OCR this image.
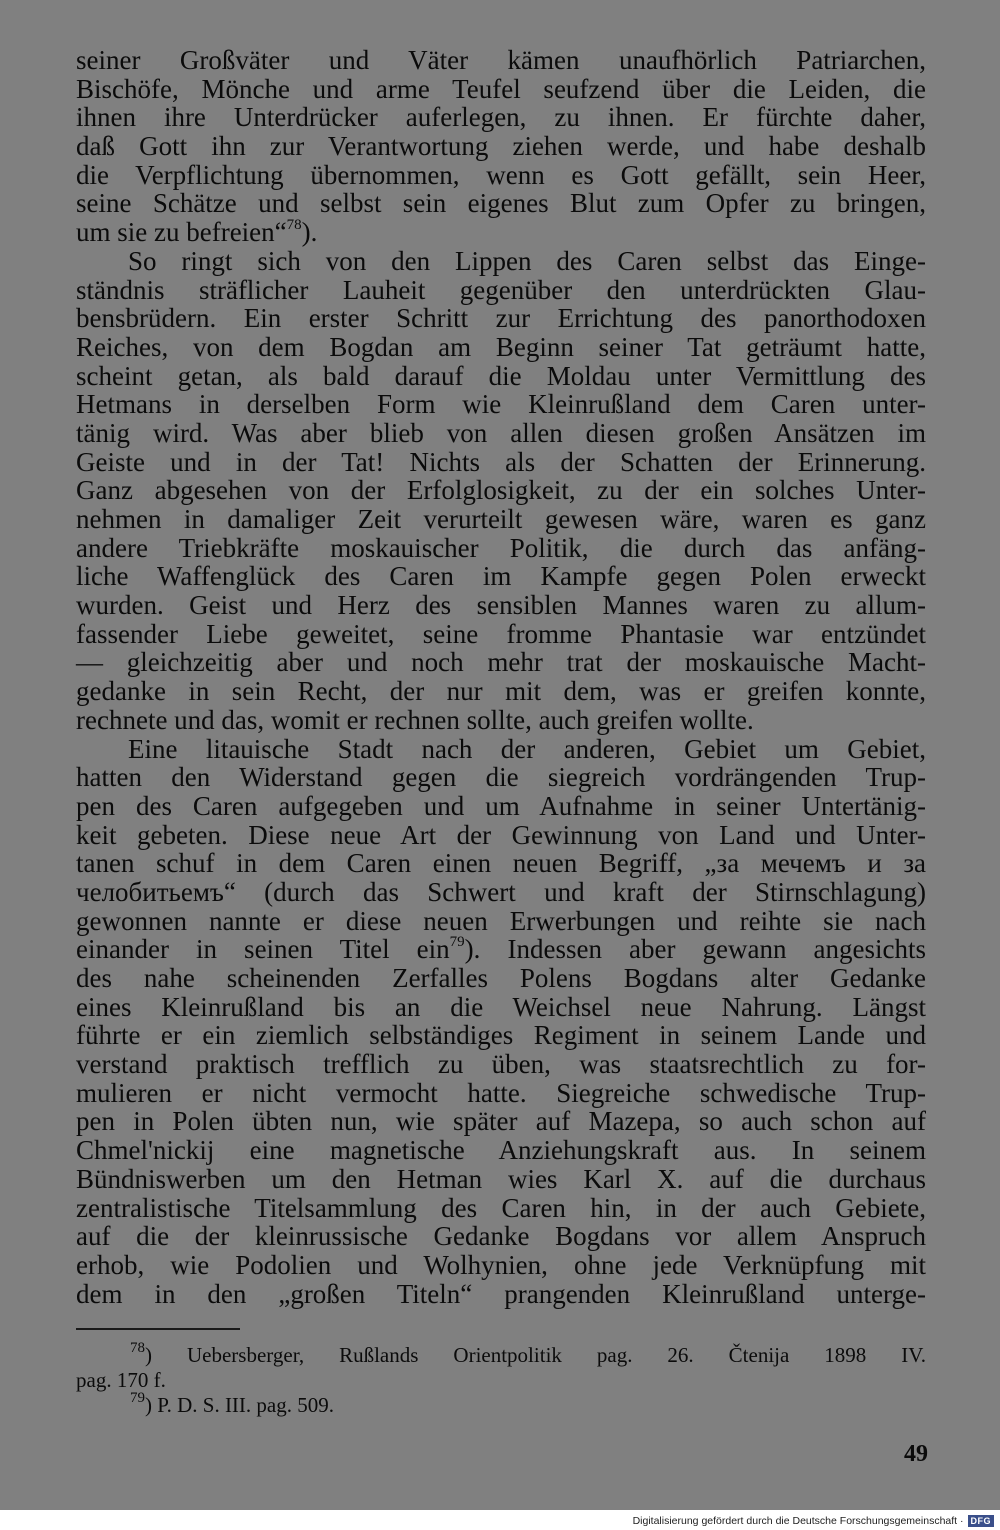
seiner Großväter und Väter kämen unaufhörlich Patriarchen,
Bischöfe, Mönche und arme Teufel seufzend über die Leiden, die
ihnen ihre Unterdrücker auferlegen, zu ihnen. Er fürchte daher,
daß Gott ihn zur Verantwortung ziehen werde, und habe deshalb
die Verpflichtung übernommen, wenn es Gott gefällt, sein Heer,
seine Schätze und selbst sein eigenes Blut zum Opfer zu bringen,
um sie zu befreien“$^{78}$).
So ringt sich von den Lippen des Caren selbst das Einge-
ständnis sträflicher Lauheit gegenüber den unterdrückten Glau-
bensbrüdern. Ein erster Schritt zur Errichtung des panorthodoxen
Reiches, von dem Bogdan am Beginn seiner Tat geträumt hatte,
scheint getan, als bald darauf die Moldau unter Vermittlung des
Hetmans in derselben Form wie Kleinrußland dem Caren unter-
tänig wird. Was aber blieb von allen diesen großen Ansätzen im
Geiste und in der Tat! Nichts als der Schatten der Erinnerung.
Ganz abgesehen von der Erfolglosigkeit, zu der ein solches Unter-
nehmen in damaliger Zeit verurteilt gewesen wäre, waren es ganz
andere Triebkräfte moskauischer Politik, die durch das anfäng-
liche Waffenglück des Caren im Kampfe gegen Polen erweckt
wurden. Geist und Herz des sensiblen Mannes waren zu allum-
fassender Liebe geweitet, seine fromme Phantasie war entzündet
— gleichzeitig aber und noch mehr trat der moskauische Macht-
gedanke in sein Recht, der nur mit dem, was er greifen konnte,
rechnete und das, womit er rechnen sollte, auch greifen wollte.
Eine litauische Stadt nach der anderen, Gebiet um Gebiet,
hatten den Widerstand gegen die siegreich vordrängenden Trup-
pen des Caren aufgegeben und um Aufnahme in seiner Untertänig-
keit gebeten. Diese neue Art der Gewinnung von Land und Unter-
tanen schuf in dem Caren einen neuen Begriff, „за мечемъ и за
челобитьемъ“ (durch das Schwert und kraft der Stirnschlagung)
gewonnen nannte er diese neuen Erwerbungen und reihte sie nach
einander in seinen Titel ein$^{79}$). Indessen aber gewann angesichts
des nahe scheinenden Zerfalles Polens Bogdans alter Gedanke
eines Kleinrußland bis an die Weichsel neue Nahrung. Längst
führte er ein ziemlich selbständiges Regiment in seinem Lande und
verstand praktisch trefflich zu üben, was staatsrechtlich zu for-
mulieren er nicht vermocht hatte. Siegreiche schwedische Trup-
pen in Polen übten nun, wie später auf Mazepa, so auch schon auf
Chmel'nickij eine magnetische Anziehungskraft aus. In seinem
Bündniswerben um den Hetman wies Karl X. auf die durchaus
zentralistische Titelsammlung des Caren hin, in der auch Gebiete,
auf die der kleinrussische Gedanke Bogdans vor allem Anspruch
erhob, wie Podolien und Wolhynien, ohne jede Verknüpfung mit
dem in den „großen Titeln“ prangenden Kleinrußland unterge-
$^{78}$) Uebersberger, Rußlands Orientpolitik pag. 26. Čtenija 1898 IV.
pag. 170 f.
$^{79}$) P. D. S. III. pag. 509.
49
Digitalisierung gefördert durch die Deutsche Forschungsgemeinschaft · DFG
